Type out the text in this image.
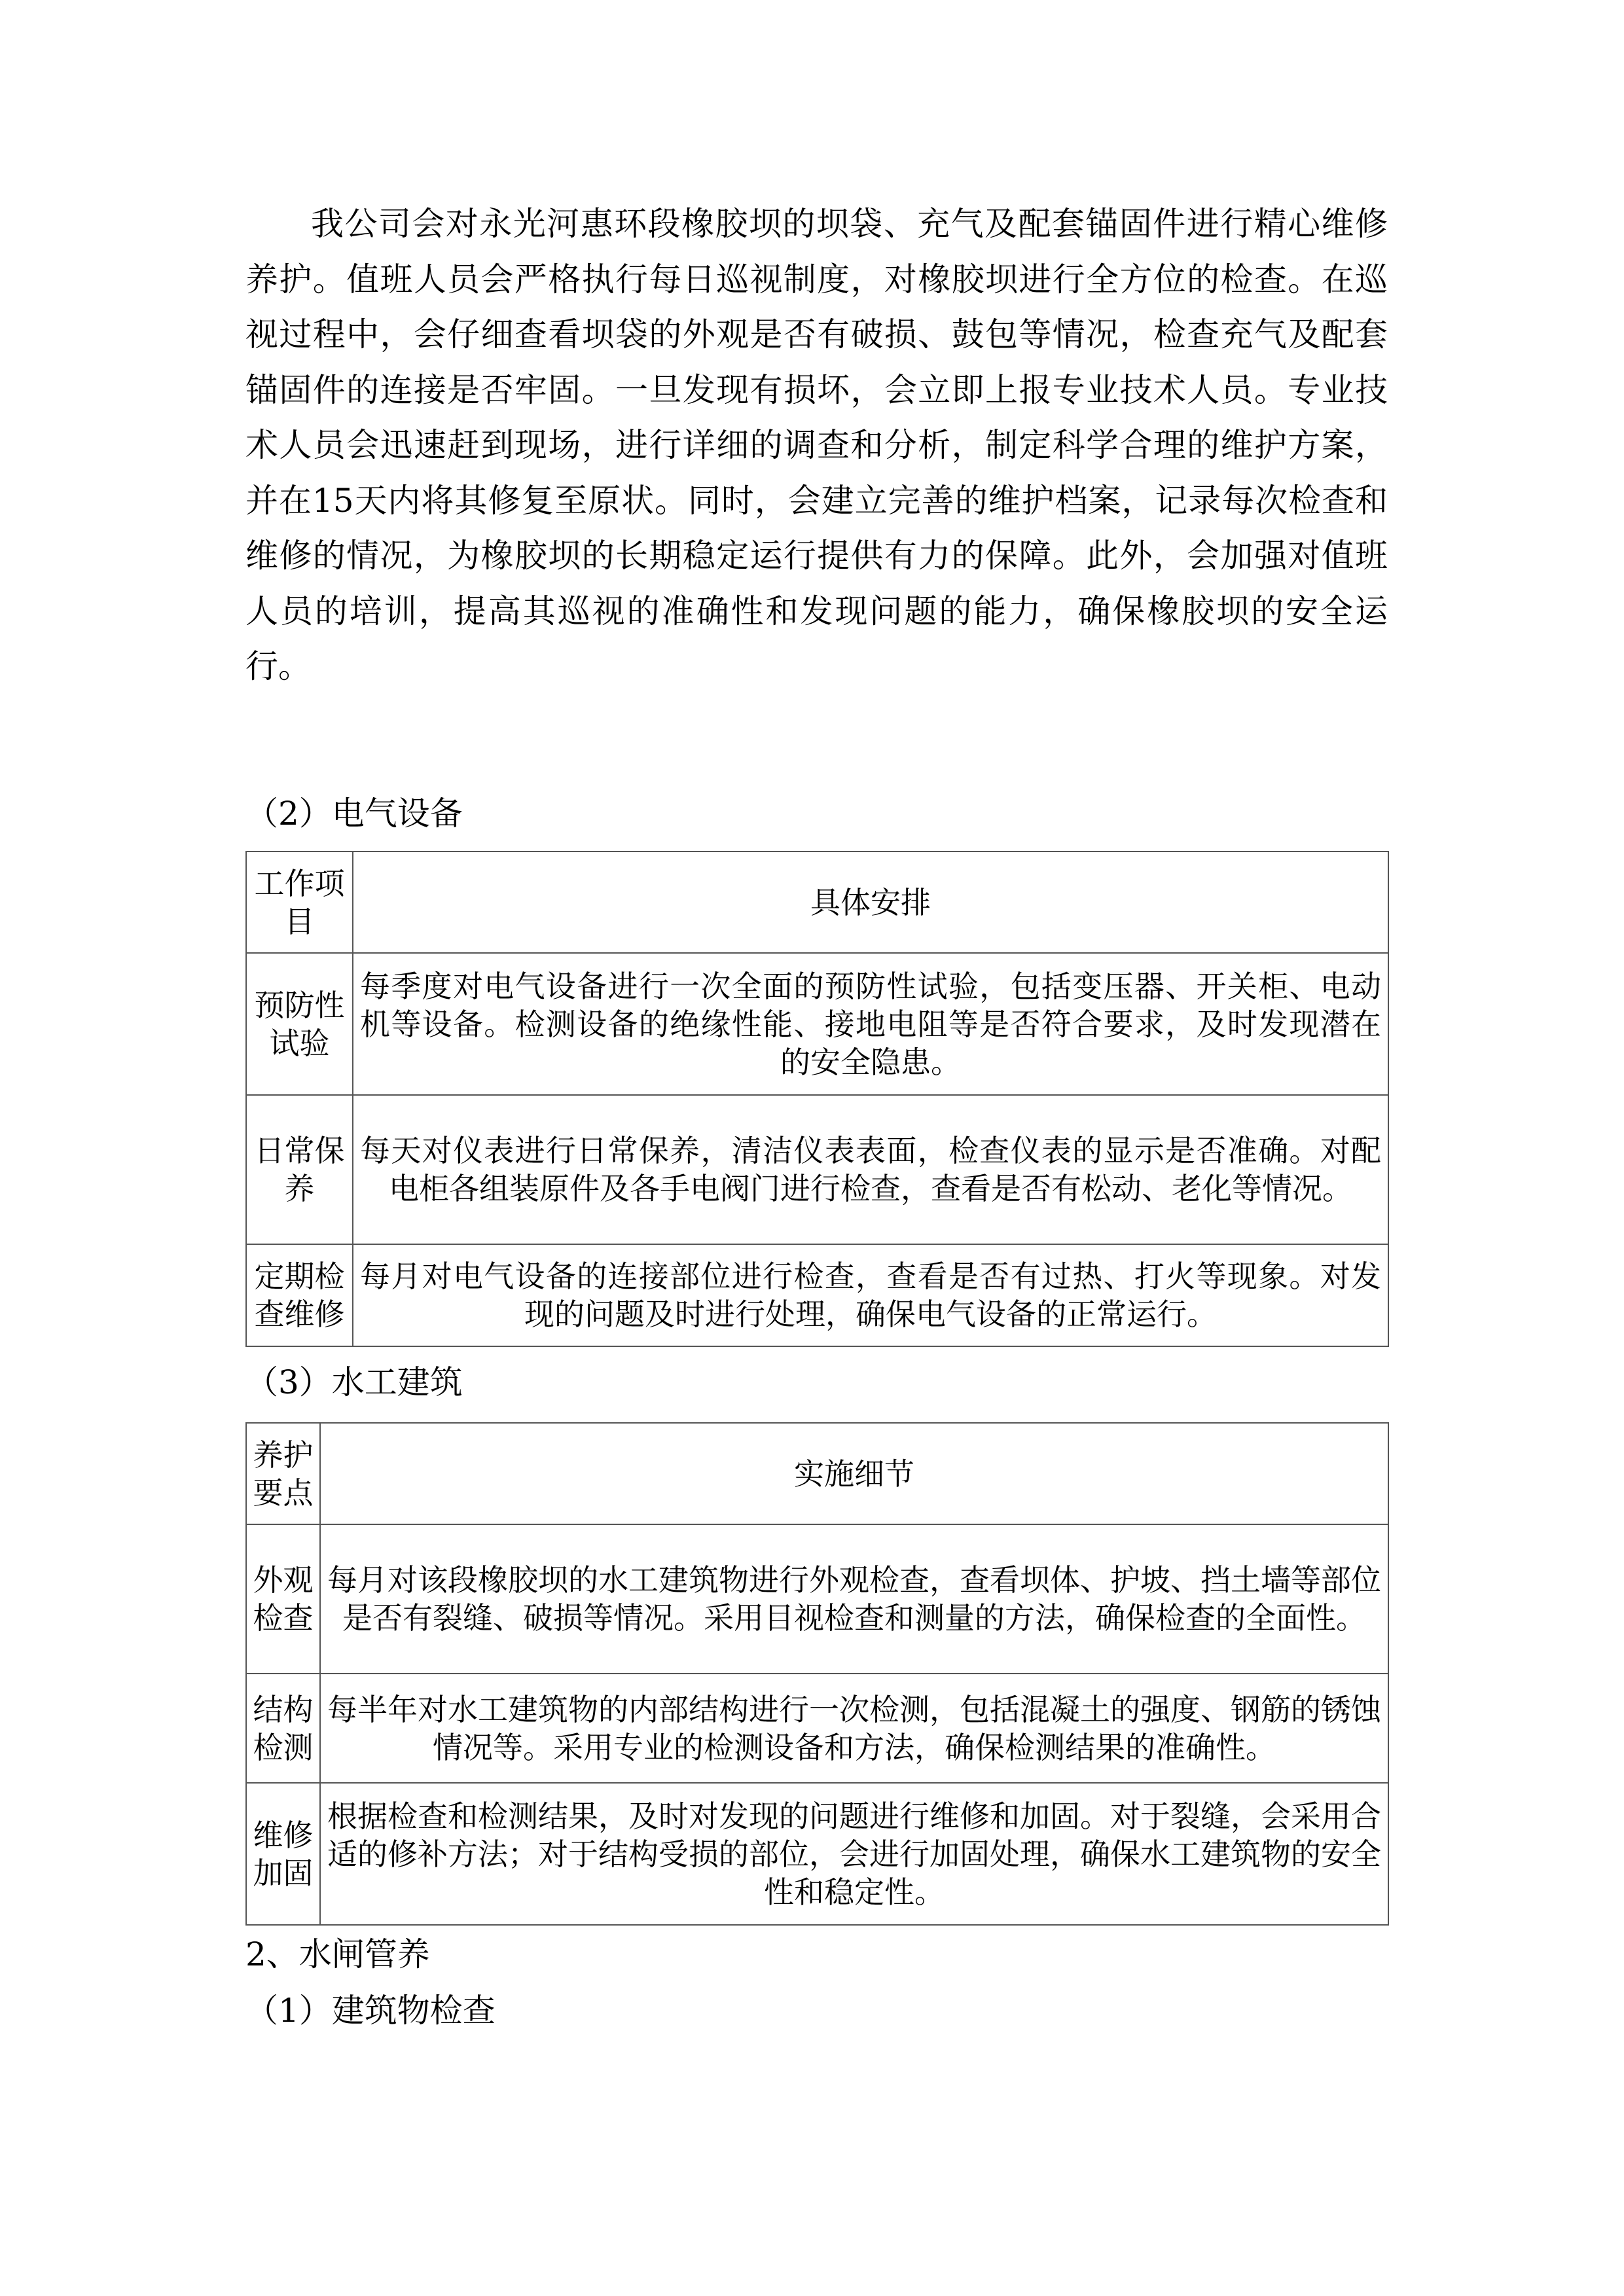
我公司会对永光河惠环段橡胶坝的坝袋、充气及配套锚固件进行精心维修养护。值班人员会严格执行每日巡视制度，对橡胶坝进行全方位的检查。在巡视过程中，会仔细查看坝袋的外观是否有破损、鼓包等情况，检查充气及配套锚固件的连接是否牢固。一旦发现有损坏，会立即上报专业技术人员。专业技术人员会迅速赶到现场，进行详细的调查和分析，制定科学合理的维护方案，并在15天内将其修复至原状。同时，会建立完善的维护档案，记录每次检查和维修的情况，为橡胶坝的长期稳定运行提供有力的保障。此外，会加强对值班人员的培训，提高其巡视的准确性和发现问题的能力，确保橡胶坝的安全运行。

（2）电气设备

工作项目	具体安排
预防性试验	每季度对电气设备进行一次全面的预防性试验，包括变压器、开关柜、电动机等设备。检测设备的绝缘性能、接地电阻等是否符合要求，及时发现潜在的安全隐患。
日常保养	每天对仪表进行日常保养，清洁仪表表面，检查仪表的显示是否准确。对配电柜各组装原件及各手电阀门进行检查，查看是否有松动、老化等情况。
定期检查维修	每月对电气设备的连接部位进行检查，查看是否有过热、打火等现象。对发现的问题及时进行处理，确保电气设备的正常运行。

（3）水工建筑

养护要点	实施细节
外观检查	每月对该段橡胶坝的水工建筑物进行外观检查，查看坝体、护坡、挡土墙等部位是否有裂缝、破损等情况。采用目视检查和测量的方法，确保检查的全面性。
结构检测	每半年对水工建筑物的内部结构进行一次检测，包括混凝土的强度、钢筋的锈蚀情况等。采用专业的检测设备和方法，确保检测结果的准确性。
维修加固	根据检查和检测结果，及时对发现的问题进行维修和加固。对于裂缝，会采用合适的修补方法；对于结构受损的部位，会进行加固处理，确保水工建筑物的安全性和稳定性。

2、水闸管养

（1）建筑物检查
